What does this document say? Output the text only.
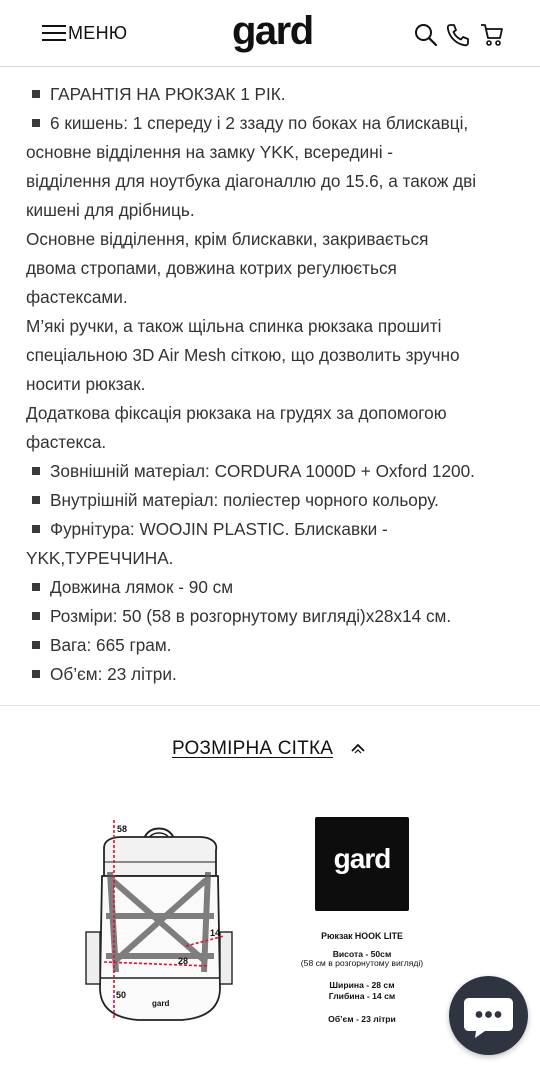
МЕНЮ	gard
ГАРАНТІЯ НА РЮКЗАК 1 РІК.
6 кишень: 1 спереду і 2 ззаду по боках на блискавці,
основне відділення на замку YKK, всередині -
відділення для ноутбука діагоналлю до 15.6, а також дві
кишені для дрібниць.
Основне відділення, крім блискавки, закривається
двома стропами, довжина котрих регулюється
фастексами.
М’які ручки, а також щільна спинка рюкзака прошиті
спеціальною 3D Air Mesh сіткою, що дозволить зручно
носити рюкзак.
Додаткова фіксація рюкзака на грудях за допомогою
фастекса.
Зовнішній матеріал: CORDURA 1000D + Oxford 1200.
Внутрішній матеріал: поліестер чорного кольору.
Фурнітура: WOOJIN PLASTIC. Блискавки -
YKK,ТУРЕЧЧИНА.
Довжина лямок - 90 см
Розміри: 50 (58 в розгорнутому вигляді)x28x14 см.
Вага: 665 грам.
Об’єм: 23 літри.
РОЗМІРНА СІТКА
58
14
28
50
gard
gard
Рюкзак HOOK LITE
Висота - 50см
(58 см в розгорнутому вигляді)
Ширина - 28 см
Глибина - 14 см
Об’єм - 23 літри
